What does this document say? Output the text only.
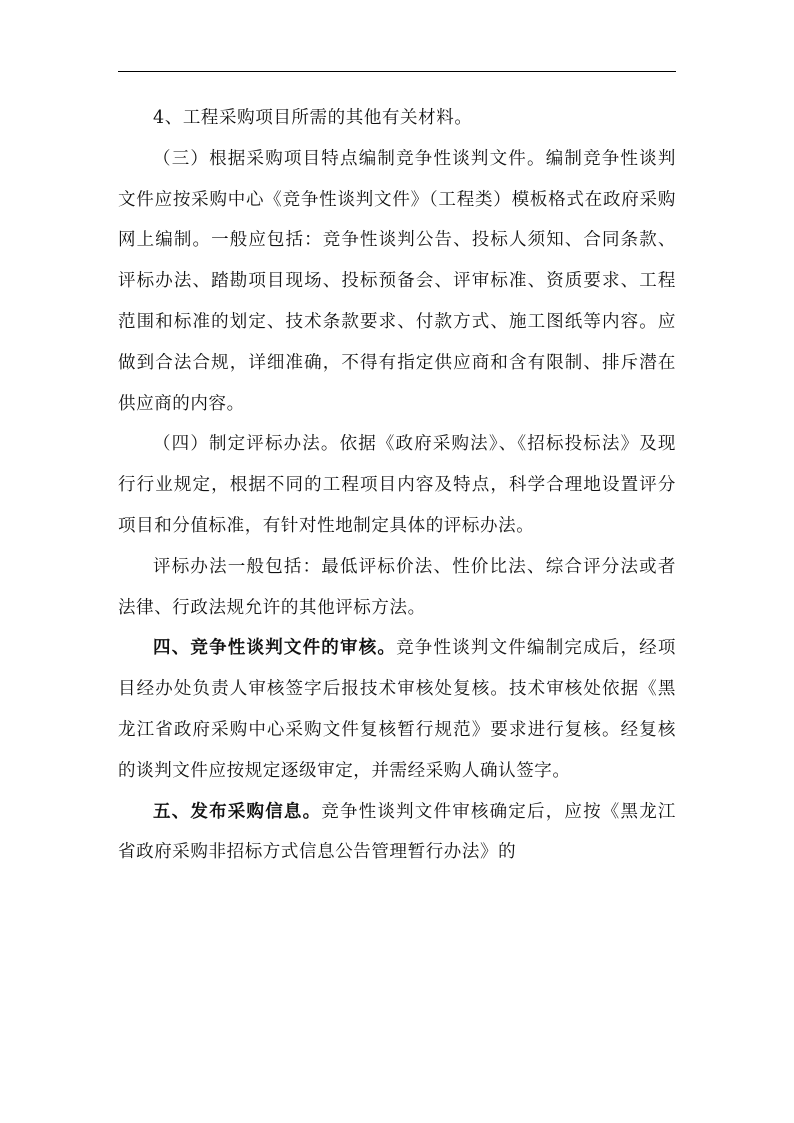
4、工程采购项目所需的其他有关材料。

（三）根据采购项目特点编制竞争性谈判文件。编制竞争性谈判文件应按采购中心《竞争性谈判文件》（工程类）模板格式在政府采购网上编制。一般应包括：竞争性谈判公告、投标人须知、合同条款、评标办法、踏勘项目现场、投标预备会、评审标准、资质要求、工程范围和标准的划定、技术条款要求、付款方式、施工图纸等内容。应做到合法合规，详细准确，不得有指定供应商和含有限制、排斥潜在供应商的内容。

（四）制定评标办法。依据《政府采购法》、《招标投标法》及现行行业规定，根据不同的工程项目内容及特点，科学合理地设置评分项目和分值标准，有针对性地制定具体的评标办法。

评标办法一般包括：最低评标价法、性价比法、综合评分法或者法律、行政法规允许的其他评标方法。

四、竞争性谈判文件的审核。竞争性谈判文件编制完成后，经项目经办处负责人审核签字后报技术审核处复核。技术审核处依据《黑龙江省政府采购中心采购文件复核暂行规范》要求进行复核。经复核的谈判文件应按规定逐级审定，并需经采购人确认签字。

五、发布采购信息。竞争性谈判文件审核确定后，应按《黑龙江省政府采购非招标方式信息公告管理暂行办法》的
